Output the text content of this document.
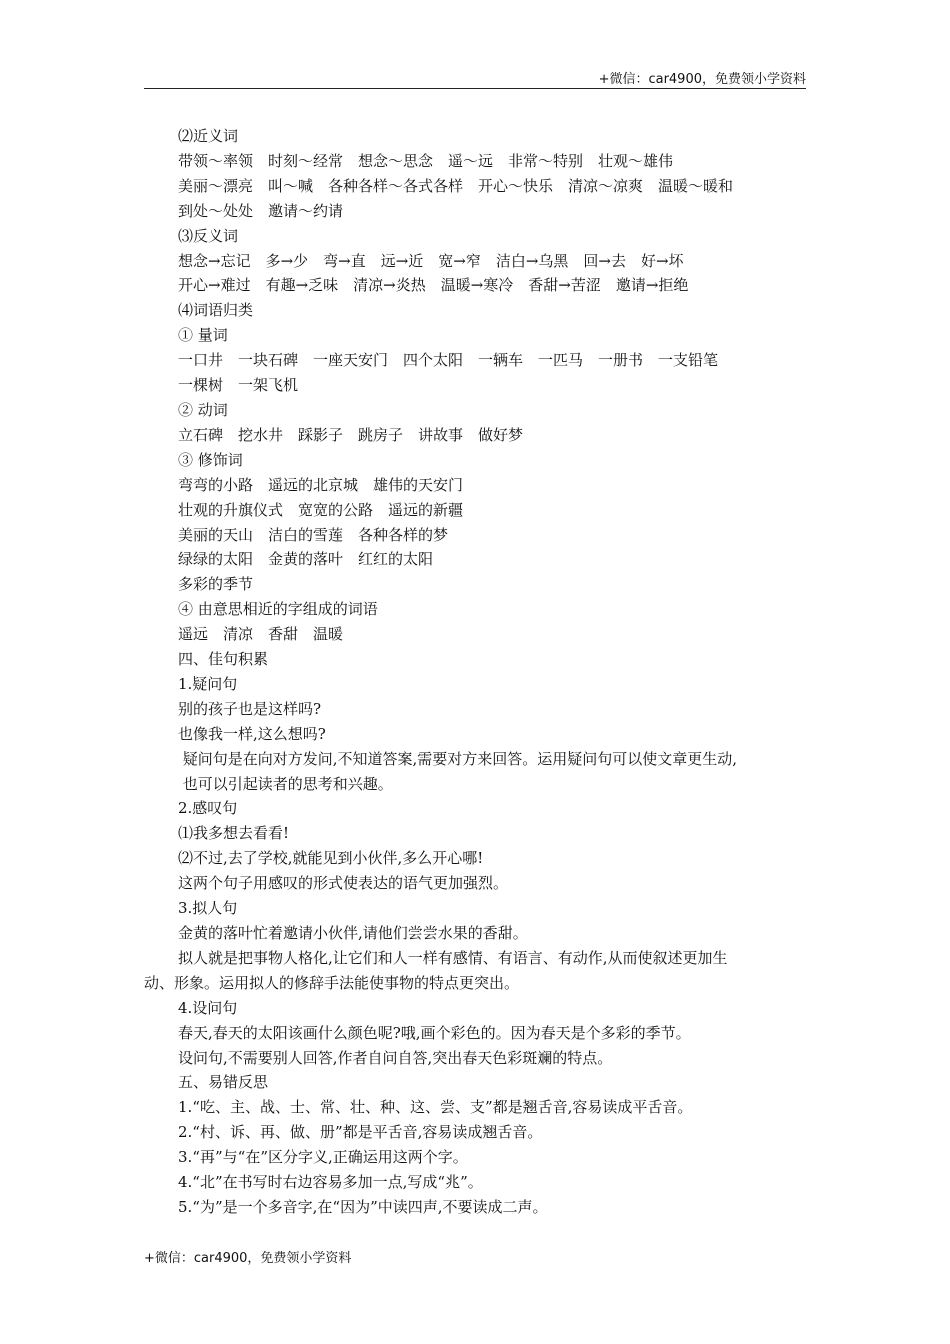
+微信：car4900，免费领小学资料
⑵近义词
带领～率领　时刻～经常　想念～思念　遥～远　非常～特别　壮观～雄伟
美丽～漂亮　叫～喊　各种各样～各式各样　开心～快乐　清凉～凉爽　温暖～暖和
到处～处处　邀请～约请
⑶反义词
想念→忘记　多→少　弯→直　远→近　宽→窄　洁白→乌黑　回→去　好→坏
开心→难过　有趣→乏味　清凉→炎热　温暖→寒冷　香甜→苦涩　邀请→拒绝
⑷词语归类
① 量词
一口井　一块石碑　一座天安门　四个太阳　一辆车　一匹马　一册书　一支铅笔
一棵树　一架飞机
② 动词
立石碑　挖水井　踩影子　跳房子　讲故事　做好梦
③ 修饰词
弯弯的小路　遥远的北京城　雄伟的天安门
壮观的升旗仪式　宽宽的公路　遥远的新疆
美丽的天山　洁白的雪莲　各种各样的梦
绿绿的太阳　金黄的落叶　红红的太阳
多彩的季节
④ 由意思相近的字组成的词语
遥远　清凉　香甜　温暖
四、佳句积累
1.疑问句
别的孩子也是这样吗?
也像我一样,这么想吗?
疑问句是在向对方发问,不知道答案,需要对方来回答。运用疑问句可以使文章更生动,
也可以引起读者的思考和兴趣。
2.感叹句
⑴我多想去看看!
⑵不过,去了学校,就能见到小伙伴,多么开心哪!
这两个句子用感叹的形式使表达的语气更加强烈。
3.拟人句
金黄的落叶忙着邀请小伙伴,请他们尝尝水果的香甜。
拟人就是把事物人格化,让它们和人一样有感情、有语言、有动作,从而使叙述更加生
动、形象。运用拟人的修辞手法能使事物的特点更突出。
4.设问句
春天,春天的太阳该画什么颜色呢?哦,画个彩色的。因为春天是个多彩的季节。
设问句,不需要别人回答,作者自问自答,突出春天色彩斑斓的特点。
五、易错反思
1.“吃、主、战、士、常、壮、种、这、尝、支”都是翘舌音,容易读成平舌音。
2.“村、诉、再、做、册”都是平舌音,容易读成翘舌音。
3.“再”与“在”区分字义,正确运用这两个字。
4.“北”在书写时右边容易多加一点,写成“兆”。
5.“为”是一个多音字,在“因为”中读四声,不要读成二声。
+微信：car4900，免费领小学资料
